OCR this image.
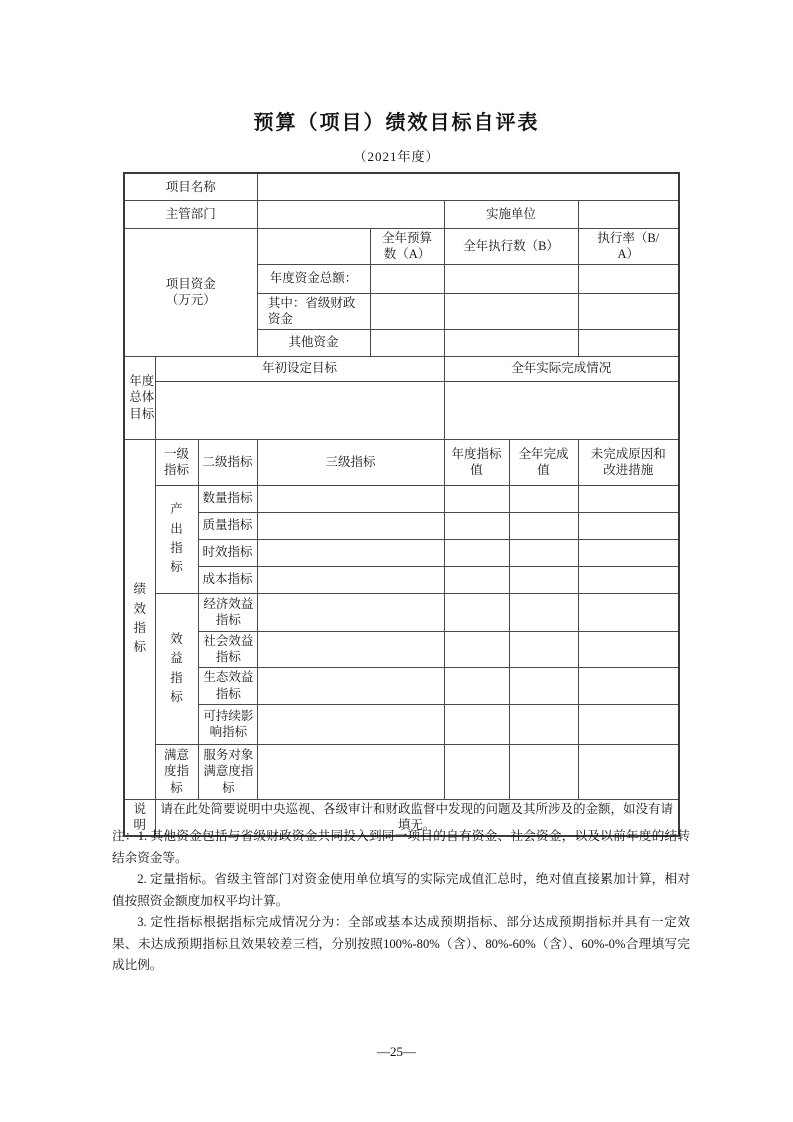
预算（项目）绩效目标自评表
（2021年度）
项目名称							
主管部门					实施单位		
项目资金（万元）				全年预算数（A）	全年执行数（B）		执行率（B/A）
			年度资金总额：				
			其中：省级财政资金				
			其他资金				
年度总体目标	年初设定目标				全年实际完成情况		

绩效指标	一级指标	二级指标	三级指标		年度指标值	全年完成值	未完成原因和改进措施
	产出指标	数量指标					
		质量指标					
		时效指标					
		成本指标					
	效益指标	经济效益指标					
		社会效益指标					
		生态效益指标					
		可持续影响指标					
	满意度指标	服务对象满意度指标					
说明	请在此处简要说明中央巡视、各级审计和财政监督中发现的问题及其所涉及的金额，如没有请填无。						

注：1. 其他资金包括与省级财政资金共同投入到同一项目的自有资金、社会资金，以及以前年度的结转结余资金等。

2. 定量指标。省级主管部门对资金使用单位填写的实际完成值汇总时，绝对值直接累加计算，相对值按照资金额度加权平均计算。

3. 定性指标根据指标完成情况分为：全部或基本达成预期指标、部分达成预期指标并具有一定效果、未达成预期指标且效果较差三档，分别按照100%-80%（含）、80%-60%（含）、60%-0%合理填写完成比例。

—25—
